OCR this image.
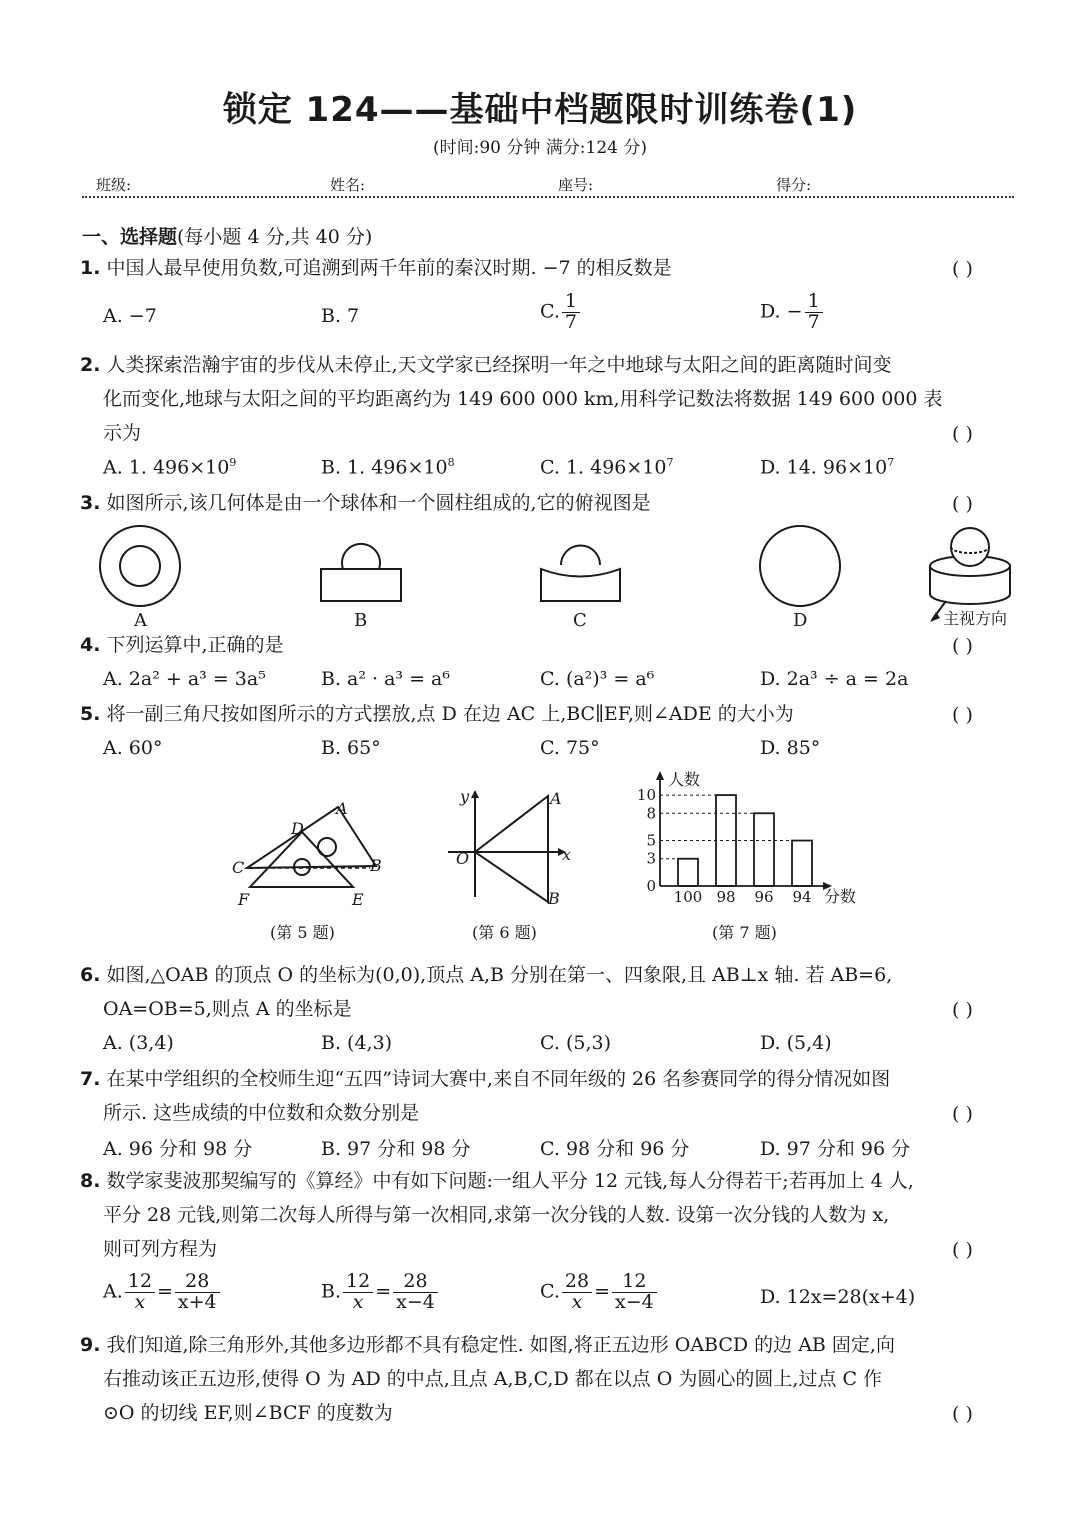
锁定 124——基础中档题限时训练卷(1)
(时间:90 分钟 满分:124 分)
班级:	姓名:	座号:	得分:
一、选择题(每小题 4 分,共 40 分)
1. 中国人最早使用负数,可追溯到两千年前的秦汉时期. −7 的相反数是	( )
A. −7	B. 7	C. $\frac{1}{7}$	D. − $\frac{1}{7}$
2. 人类探索浩瀚宇宙的步伐从未停止,天文学家已经探明一年之中地球与太阳之间的距离随时间变
化而变化,地球与太阳之间的平均距离约为 149 600 000 km,用科学记数法将数据 149 600 000 表
示为	( )
A. 1. $496\times 10^9$	B. 1. $496\times 10^8$	C. 1. $496\times 10^7$	D. 14. $96\times 10^7$
3. 如图所示,该几何体是由一个球体和一个圆柱组成的,它的俯视图是	( )
A	B	C	D	主视方向
4. 下列运算中,正确的是	( )
A. 2a² + a³ = 3a⁵	B. a² · a³ = a⁶	C. (a²)³ = a⁶	D. 2a³ ÷ a = 2a
5. 将一副三角尺按如图所示的方式摆放,点 D 在边 AC 上,BC∥EF,则∠ADE 的大小为	( )
A. 60°	B. 65°	C. 75°	D. 85°
A
D
C	B
F	E
(第 5 题)
y	A
O	x
B
(第 6 题)
人数
分数
0
3
5
8
10
100 98 96 94
(第 7 题)
6. 如图,△OAB 的顶点 O 的坐标为(0,0),顶点 A,B 分别在第一、四象限,且 AB⊥x 轴. 若 AB=6,
OA=OB=5,则点 A 的坐标是	( )
A. (3,4)	B. (4,3)	C. (5,3)	D. (5,4)
7. 在某中学组织的全校师生迎“五四”诗词大赛中,来自不同年级的 26 名参赛同学的得分情况如图
所示. 这些成绩的中位数和众数分别是	( )
A. 96 分和 98 分	B. 97 分和 98 分	C. 98 分和 96 分	D. 97 分和 96 分
8. 数学家斐波那契编写的《算经》中有如下问题:一组人平分 12 元钱,每人分得若干;若再加上 4 人,
平分 28 元钱,则第二次每人所得与第一次相同,求第一次分钱的人数. 设第一次分钱的人数为 x,
则可列方程为	( )
A. $\frac{12}{x} = \frac{28}{x+4}$	B. $\frac{12}{x} = \frac{28}{x-4}$	C. $\frac{28}{x} = \frac{12}{x-4}$	D. 12x=28(x+4)
9. 我们知道,除三角形外,其他多边形都不具有稳定性. 如图,将正五边形 OABCD 的边 AB 固定,向
右推动该正五边形,使得 O 为 AD 的中点,且点 A,B,C,D 都在以点 O 为圆心的圆上,过点 C 作
⊙O 的切线 EF,则∠BCF 的度数为	( )
